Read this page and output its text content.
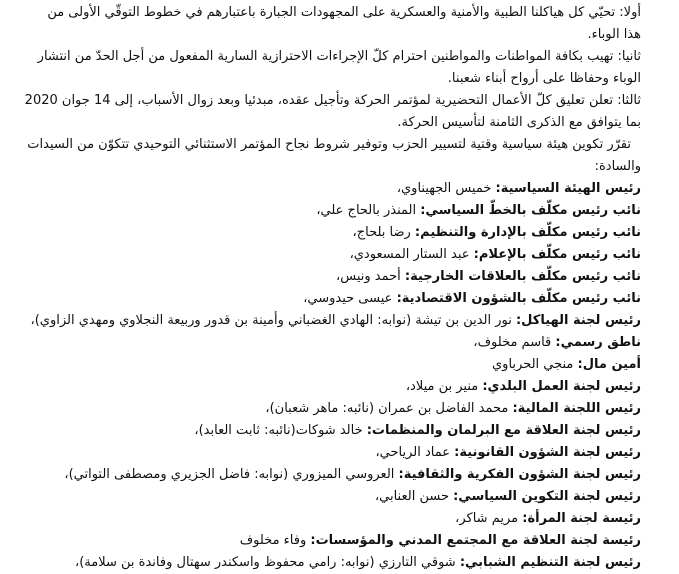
أولا: تحيّي كل هياكلنا الطبية والأمنية والعسكرية على المجهودات الجبارة باعتبارهم في خطوط التوقّي الأولى من
هذا الوباء.
ثانيا: تهيب بكافة المواطنات والمواطنين احترام كلّ الإجراءات الاحترازية السارية المفعول من أجل الحدّ من انتشار
الوباء وحفاظا على أرواح أبناء شعبنا.
ثالثا: تعلن تعليق كلّ الأعمال التحضيرية لمؤتمر الحركة وتأجيل عقده، مبدئيا وبعد زوال الأسباب، إلى 14 جوان 2020
بما يتوافق مع الذكرى الثامنة لتأسيس الحركة.
تقرّر تكوين هيئة سياسية وقتية لتسيير الحزب وتوفير شروط نجاح المؤتمر الاستثنائي التوحيدي تتكوّن من السيدات
والسادة:
رئيس الهيئة السياسية: خميس الجهيناوي،
نائب رئيس مكلّف بالخطّ السياسي: المنذر بالحاج علي،
نائب رئيس مكلّف بالإدارة والتنظيم: رضا بلحاج،
نائب رئيس مكلّف بالإعلام: عبد الستار المسعودي،
نائب رئيس مكلّف بالعلاقات الخارجية: أحمد ونيس،
نائب رئيس مكلّف بالشؤون الاقتصادية: عيسى حيدوسي،
رئيس لجنة الهياكل: نور الدين بن تيشة (نوابه: الهادي الغضباني وأمينة بن قدور وربيعة النجلاوي ومهدي الزاوي)،
ناطق رسمي: قاسم مخلوف،
أمين مال: منجي الحرباوي
رئيس لجنة العمل البلدي: منير بن ميلاد،
رئيس اللجنة المالية: محمد الفاضل بن عمران (نائبه: ماهر شعبان)،
رئيس لجنة العلاقة مع البرلمان والمنظمات: خالد شوكات(نائبه: ثابت العابد)،
رئيس لجنة الشؤون القانونية: عماد الرياحي،
رئيس لجنة الشؤون الفكرية والثقافية: العروسي الميزوري (نوابه: فاضل الجزيري ومصطفى التواتي)،
رئيس لجنة التكوين السياسي: حسن العنابي،
رئيسة لجنة المرأة: مريم شاكر،
رئيسة لجنة العلاقة مع المجتمع المدني والمؤسسات: وفاء مخلوف
رئيس لجنة التنظيم الشبابي: شوقي التارزي (نوابه: رامي محفوظ واسكندر سهتال وفاندة بن سلامة)،
